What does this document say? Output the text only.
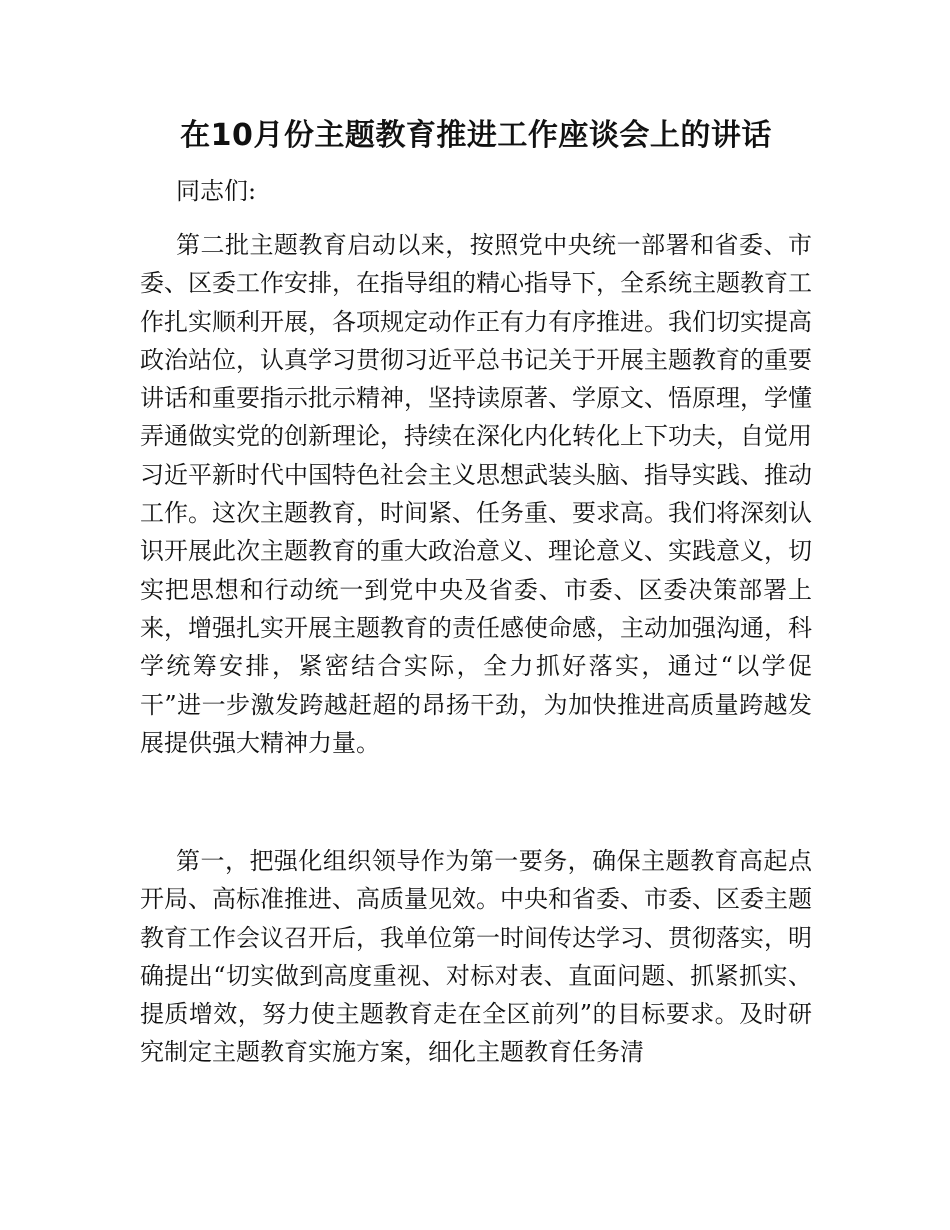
在10月份主题教育推进工作座谈会上的讲话

同志们:

第二批主题教育启动以来，按照党中央统一部署和省委、市委、区委工作安排，在指导组的精心指导下，全系统主题教育工作扎实顺利开展，各项规定动作正有力有序推进。我们切实提高政治站位，认真学习贯彻习近平总书记关于开展主题教育的重要讲话和重要指示批示精神，坚持读原著、学原文、悟原理，学懂弄通做实党的创新理论，持续在深化内化转化上下功夫，自觉用习近平新时代中国特色社会主义思想武装头脑、指导实践、推动工作。这次主题教育，时间紧、任务重、要求高。我们将深刻认识开展此次主题教育的重大政治意义、理论意义、实践意义，切实把思想和行动统一到党中央及省委、市委、区委决策部署上来，增强扎实开展主题教育的责任感使命感，主动加强沟通，科学统筹安排，紧密结合实际，全力抓好落实，通过“以学促干”进一步激发跨越赶超的昂扬干劲，为加快推进高质量跨越发展提供强大精神力量。

第一，把强化组织领导作为第一要务，确保主题教育高起点开局、高标准推进、高质量见效。中央和省委、市委、区委主题教育工作会议召开后，我单位第一时间传达学习、贯彻落实，明确提出“切实做到高度重视、对标对表、直面问题、抓紧抓实、提质增效，努力使主题教育走在全区前列”的目标要求。及时研究制定主题教育实施方案，细化主题教育任务清
